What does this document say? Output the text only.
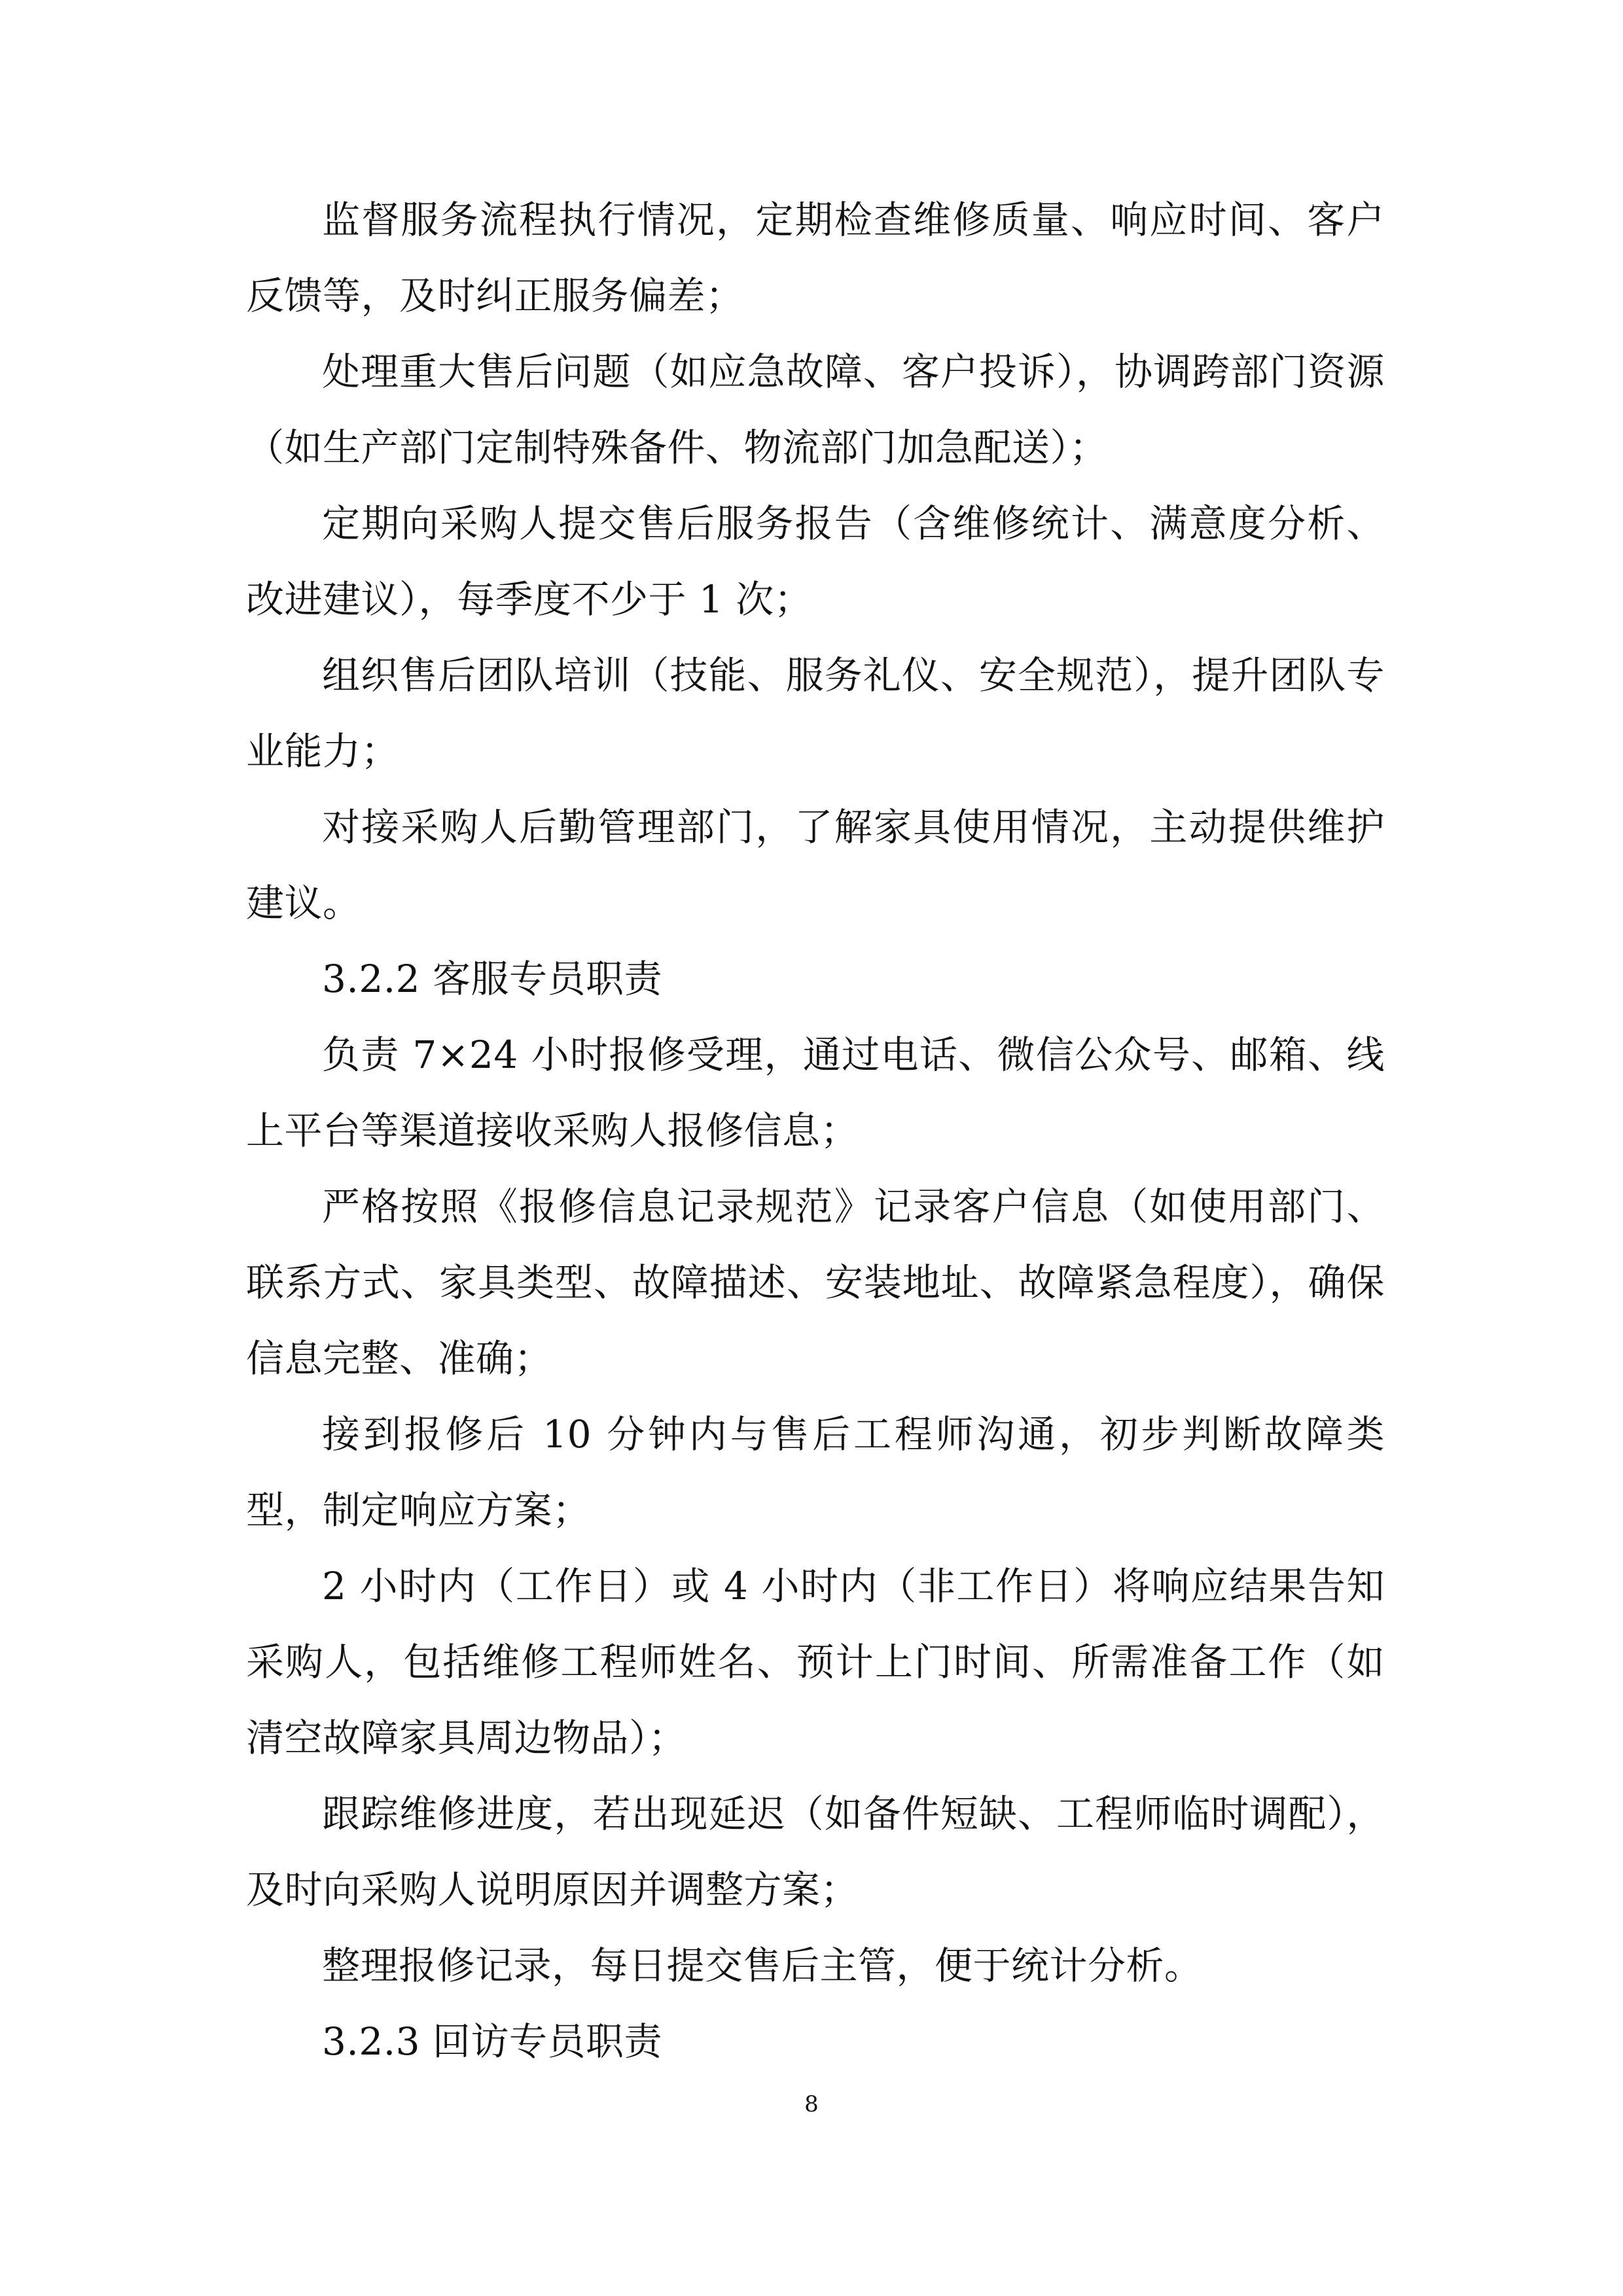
监督服务流程执行情况，定期检查维修质量、响应时间、客户反馈等，及时纠正服务偏差；

处理重大售后问题（如应急故障、客户投诉），协调跨部门资源（如生产部门定制特殊备件、物流部门加急配送）；

定期向采购人提交售后服务报告（含维修统计、满意度分析、改进建议），每季度不少于 1 次；

组织售后团队培训（技能、服务礼仪、安全规范），提升团队专业能力；

对接采购人后勤管理部门，了解家具使用情况，主动提供维护建议。

3.2.2 客服专员职责

负责 7×24 小时报修受理，通过电话、微信公众号、邮箱、线上平台等渠道接收采购人报修信息；

严格按照《报修信息记录规范》记录客户信息（如使用部门、联系方式、家具类型、故障描述、安装地址、故障紧急程度），确保信息完整、准确；

接到报修后 10 分钟内与售后工程师沟通，初步判断故障类型，制定响应方案；

2 小时内（工作日）或 4 小时内（非工作日）将响应结果告知采购人，包括维修工程师姓名、预计上门时间、所需准备工作（如清空故障家具周边物品）；

跟踪维修进度，若出现延迟（如备件短缺、工程师临时调配），及时向采购人说明原因并调整方案；

整理报修记录，每日提交售后主管，便于统计分析。

3.2.3 回访专员职责

8
